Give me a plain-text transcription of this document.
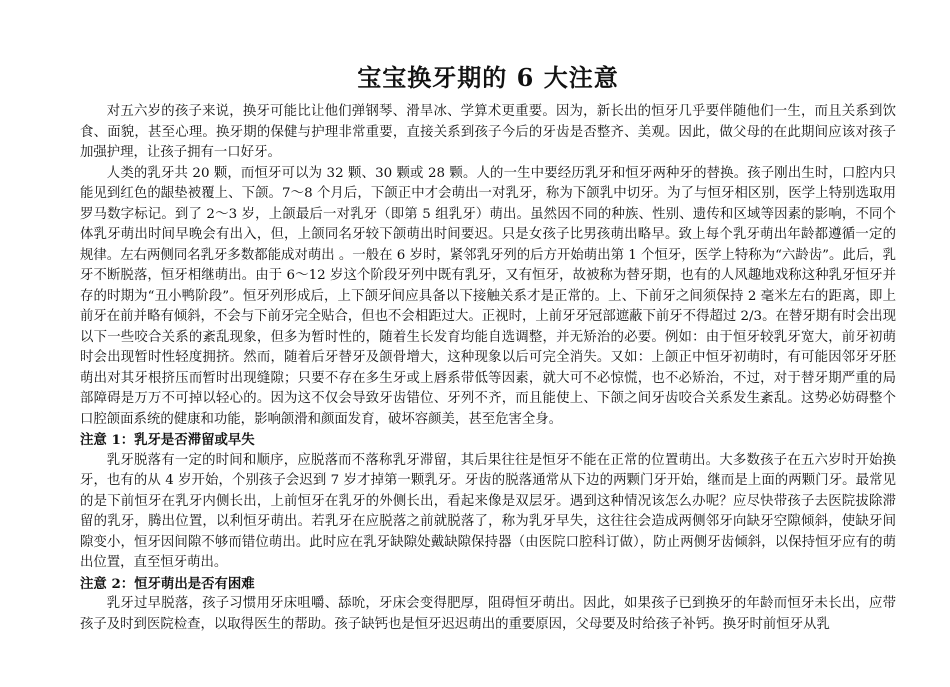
宝宝换牙期的 6 大注意

对五六岁的孩子来说，换牙可能比让他们弹钢琴、滑旱冰、学算术更重要。因为，新长出的恒牙几乎要伴随他们一生，而且关系到饮食、面貌，甚至心理。换牙期的保健与护理非常重要，直接关系到孩子今后的牙齿是否整齐、美观。因此，做父母的在此期间应该对孩子加强护理，让孩子拥有一口好牙。

人类的乳牙共 20 颗，而恒牙可以为 32 颗、30 颗或 28 颗。人的一生中要经历乳牙和恒牙两种牙的替换。孩子刚出生时，口腔内只能见到红色的龈垫被覆上、下颌。7～8 个月后，下颌正中才会萌出一对乳牙，称为下颌乳中切牙。为了与恒牙相区别，医学上特别选取用罗马数字标记。到了 2～3 岁，上颌最后一对乳牙（即第 5 组乳牙）萌出。虽然因不同的种族、性别、遗传和区域等因素的影响，不同个体乳牙萌出时间早晚会有出入，但，上颌同名牙较下颌萌出时间要迟。只是女孩子比男孩萌出略早。致上每个乳牙萌出年龄都遵循一定的规律。左右两侧同名乳牙多数都能成对萌出 。一般在 6 岁时，紧邻乳牙列的后方开始萌出第 1 个恒牙，医学上特称为“六龄齿”。此后，乳牙不断脱落，恒牙相继萌出。由于 6～12 岁这个阶段牙列中既有乳牙，又有恒牙，故被称为替牙期，也有的人风趣地戏称这种乳牙恒牙并存的时期为“丑小鸭阶段”。恒牙列形成后，上下颌牙间应具备以下接触关系才是正常的。上、下前牙之间须保持 2 毫米左右的距离，即上前牙在前并略有倾斜，不会与下前牙完全贴合，但也不会相距过大。正视时，上前牙牙冠部遮蔽下前牙不得超过 2/3。在替牙期有时会出现以下一些咬合关系的紊乱现象，但多为暂时性的，随着生长发育均能自选调整，并无矫治的必要。例如：由于恒牙较乳牙宽大，前牙初萌时会出现暂时性轻度拥挤。然而，随着后牙替牙及颌骨增大，这种现象以后可完全消失。又如：上颌正中恒牙初萌时，有可能因邻牙牙胚萌出对其牙根挤压而暂时出现缝隙；只要不存在多生牙或上唇系带低等因素，就大可不必惊慌，也不必矫治，不过，对于替牙期严重的局部障碍是万万不可掉以轻心的。因为这不仅会导致牙齿错位、牙列不齐，而且能使上、下颌之间牙齿咬合关系发生紊乱。这势必妨碍整个口腔颌面系统的健康和功能，影响颌滑和颜面发育，破坏容颜美，甚至危害全身。

注意 1：乳牙是否滞留或早失

乳牙脱落有一定的时间和顺序，应脱落而不落称乳牙滞留，其后果往往是恒牙不能在正常的位置萌出。大多数孩子在五六岁时开始换牙，也有的从 4 岁开始，个别孩子会迟到 7 岁才掉第一颗乳牙。牙齿的脱落通常从下边的两颗门牙开始，继而是上面的两颗门牙。最常见的是下前恒牙在乳牙内侧长出，上前恒牙在乳牙的外侧长出，看起来像是双层牙。遇到这种情况该怎么办呢？应尽快带孩子去医院拔除滞留的乳牙，腾出位置，以利恒牙萌出。若乳牙在应脱落之前就脱落了，称为乳牙早失，这往往会造成两侧邻牙向缺牙空隙倾斜，使缺牙间隙变小，恒牙因间隙不够而错位萌出。此时应在乳牙缺隙处戴缺隙保持器（由医院口腔科订做），防止两侧牙齿倾斜，以保持恒牙应有的萌出位置，直至恒牙萌出。

注意 2：恒牙萌出是否有困难

乳牙过早脱落，孩子习惯用牙床咀嚼、舔吮，牙床会变得肥厚，阻碍恒牙萌出。因此，如果孩子已到换牙的年龄而恒牙未长出，应带孩子及时到医院检查，以取得医生的帮助。孩子缺钙也是恒牙迟迟萌出的重要原因，父母要及时给孩子补钙。换牙时前恒牙从乳
